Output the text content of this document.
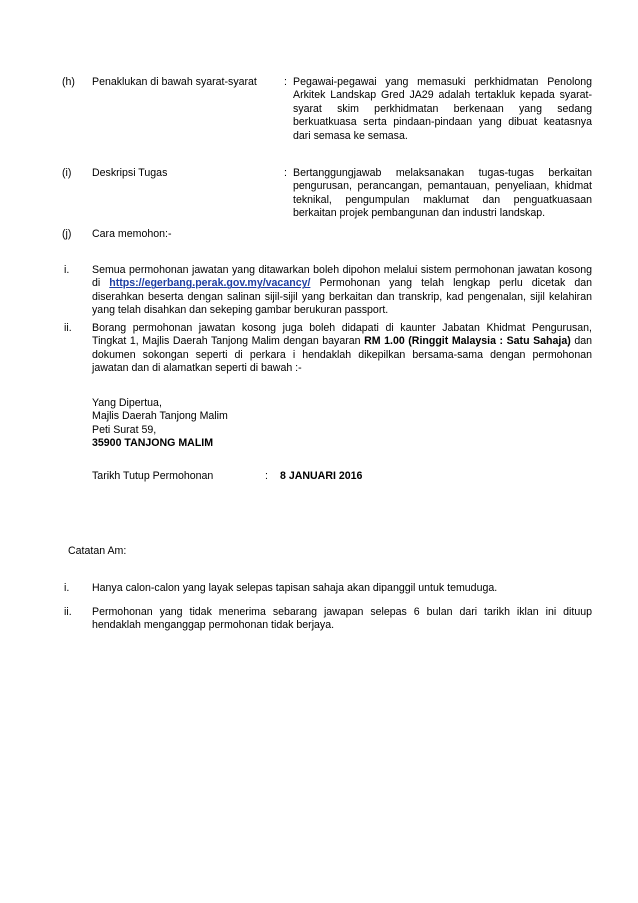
(h) Penaklukan di bawah syarat-syarat	: Pegawai-pegawai yang memasuki perkhidmatan Penolong
Arkitek Landskap Gred JA29 adalah tertakluk kepada syarat-
syarat skim perkhidmatan berkenaan yang sedang
berkuatkuasa serta pindaan-pindaan yang dibuat keatasnya
dari semasa ke semasa.
(i) Deskripsi Tugas	: Bertanggungjawab melaksanakan tugas-tugas berkaitan
pengurusan, perancangan, pemantauan, penyeliaan, khidmat
teknikal, pengumpulan maklumat dan penguatkuasaan
berkaitan projek pembangunan dan industri landskap.
(j) Cara memohon:-
i. Semua permohonan jawatan yang ditawarkan boleh dipohon melalui sistem permohonan jawatan kosong
di https://egerbang.perak.gov.my/vacancy/ Permohonan yang telah lengkap perlu dicetak dan
diserahkan beserta dengan salinan sijil-sijil yang berkaitan dan transkrip, kad pengenalan, sijil kelahiran
yang telah disahkan dan sekeping gambar berukuran passport.
ii. Borang permohonan jawatan kosong juga boleh didapati di kaunter Jabatan Khidmat Pengurusan,
Tingkat 1, Majlis Daerah Tanjong Malim dengan bayaran RM 1.00 (Ringgit Malaysia : Satu Sahaja) dan
dokumen sokongan seperti di perkara i hendaklah dikepilkan bersama-sama dengan permohonan
jawatan dan di alamatkan seperti di bawah :-
Yang Dipertua,
Majlis Daerah Tanjong Malim
Peti Surat 59,
35900 TANJONG MALIM
Tarikh Tutup Permohonan	: 8 JANUARI 2016
Catatan Am:
i. Hanya calon-calon yang layak selepas tapisan sahaja akan dipanggil untuk temuduga.
ii. Permohonan yang tidak menerima sebarang jawapan selepas 6 bulan dari tarikh iklan ini dituup
hendaklah menganggap permohonan tidak berjaya.
